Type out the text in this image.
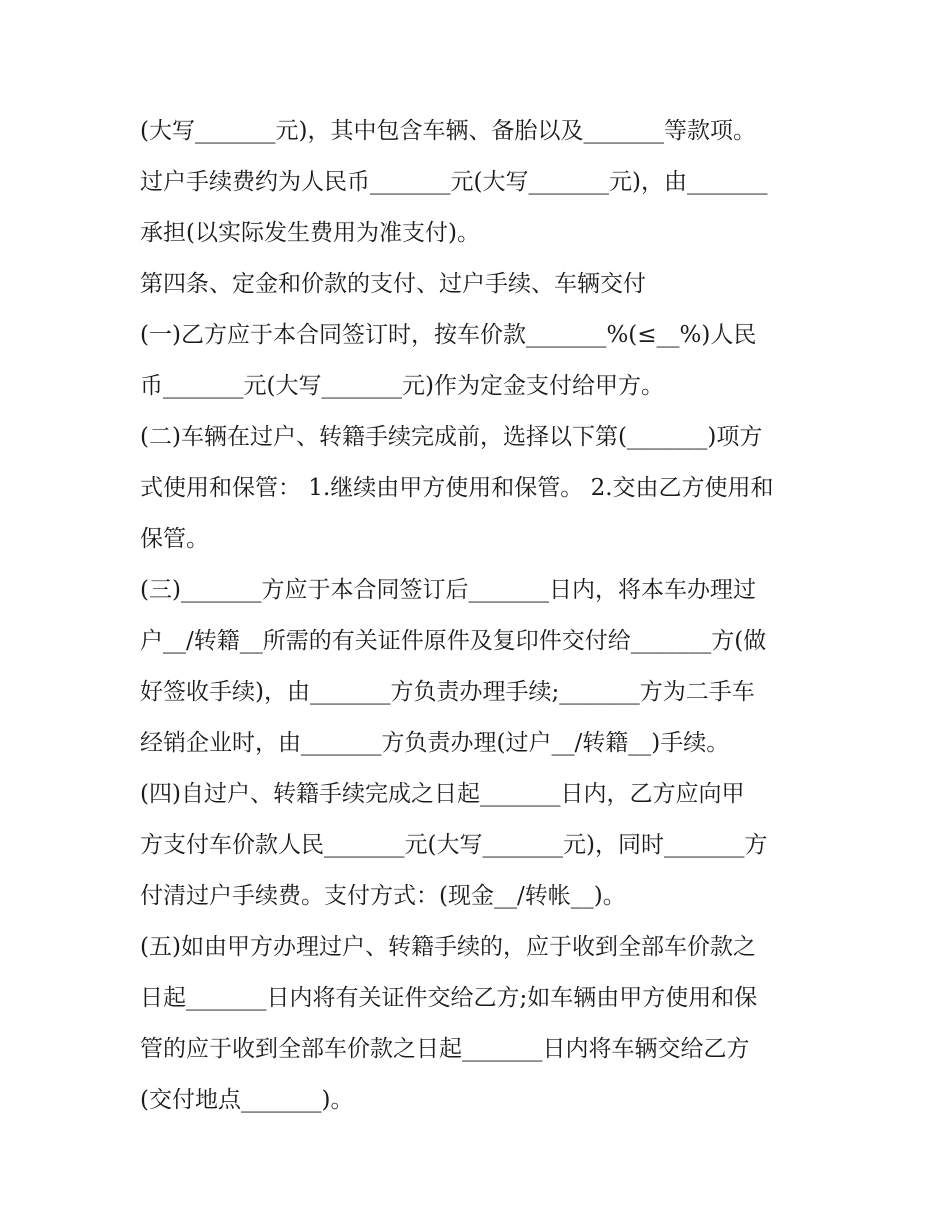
(大写_______元)，其中包含车辆、备胎以及_______等款项。
过户手续费约为人民币_______元(大写_______元)，由_______
承担(以实际发生费用为准支付)。
第四条、定金和价款的支付、过户手续、车辆交付
(一)乙方应于本合同签订时，按车价款_______%(≤__%)人民
币_______元(大写_______元)作为定金支付给甲方。
(二)车辆在过户、转籍手续完成前，选择以下第(_______)项方
式使用和保管： 1.继续由甲方使用和保管。 2.交由乙方使用和
保管。
(三)_______方应于本合同签订后_______日内，将本车办理过
户__/转籍__所需的有关证件原件及复印件交付给_______方(做
好签收手续)，由_______方负责办理手续;_______方为二手车
经销企业时，由_______方负责办理(过户__/转籍__)手续。
(四)自过户、转籍手续完成之日起_______日内，乙方应向甲
方支付车价款人民_______元(大写_______元)，同时_______方
付清过户手续费。支付方式：(现金__/转帐__)。
(五)如由甲方办理过户、转籍手续的，应于收到全部车价款之
日起_______日内将有关证件交给乙方;如车辆由甲方使用和保
管的应于收到全部车价款之日起_______日内将车辆交给乙方
(交付地点_______)。
